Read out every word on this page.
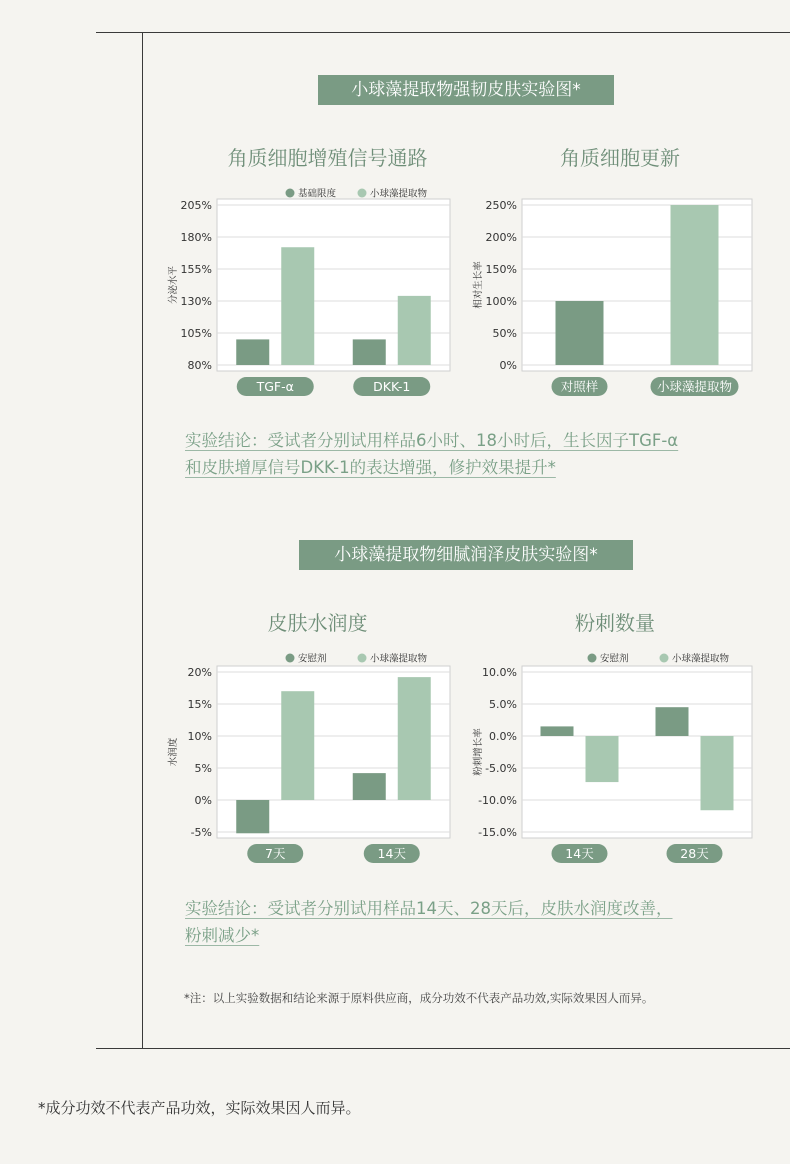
小球藻提取物强韧皮肤实验图*
角质细胞增殖信号通路	角质细胞更新
205%
180%
155%
130%
105%
80%
分泌水平
TGF-α	DKK-1
基础限度	小球藻提取物
250%
200%
150%
100%
50%
0%
相对生长率
对照样	小球藻提取物
实验结论：受试者分别试用样品6小时、18小时后，生长因子TGF-α
和皮肤增厚信号DKK-1的表达增强，修护效果提升*
小球藻提取物细腻润泽皮肤实验图*
皮肤水润度	粉刺数量
20%
15%
10%
5%
0%
-5%
水润度
7天	14天
安慰剂	小球藻提取物
10.0%
5.0%
0.0%
-5.0%
-10.0%
-15.0%
粉刺增长率
14天	28天
安慰剂	小球藻提取物
实验结论：受试者分别试用样品14天、28天后，皮肤水润度改善，
粉刺减少*
*注：以上实验数据和结论来源于原料供应商，成分功效不代表产品功效,实际效果因人而异。
*成分功效不代表产品功效，实际效果因人而异。
